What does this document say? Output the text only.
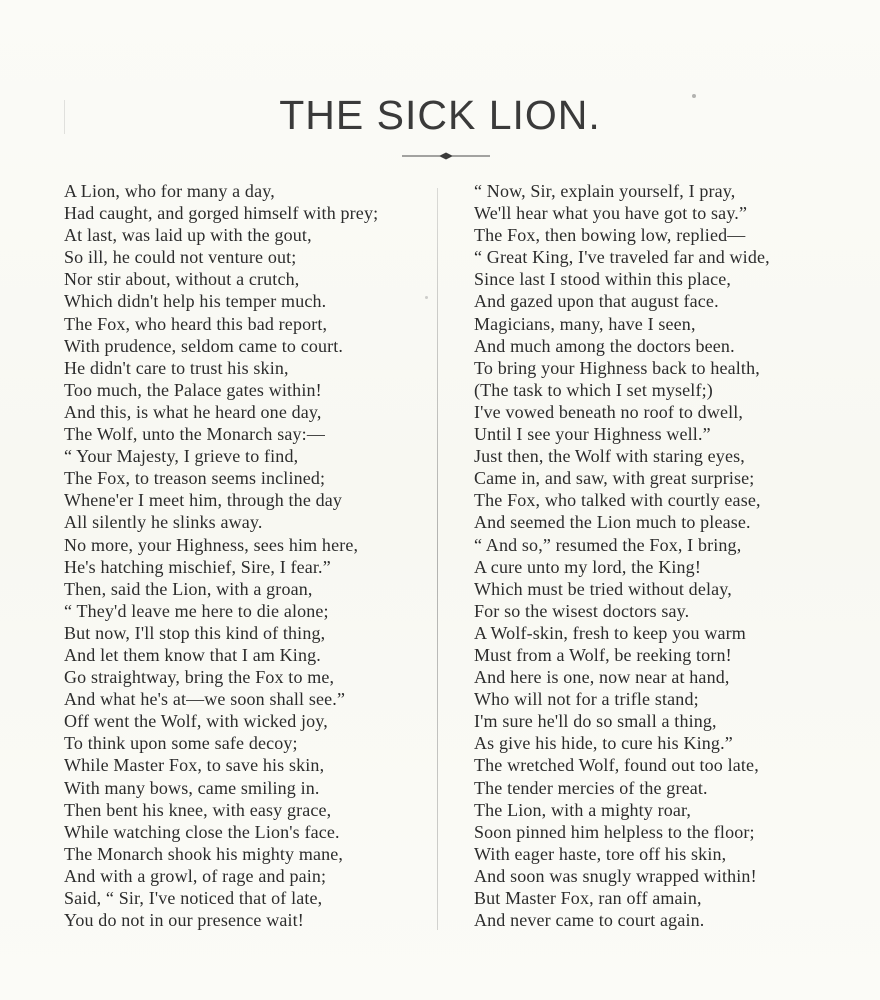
THE SICK LION.
A Lion, who for many a day,
Had caught, and gorged himself with prey;
At last, was laid up with the gout,
So ill, he could not venture out;
Nor stir about, without a crutch,
Which didn't help his temper much.
The Fox, who heard this bad report,
With prudence, seldom came to court.
He didn't care to trust his skin,
Too much, the Palace gates within!
And this, is what he heard one day,
The Wolf, unto the Monarch say:—
“ Your Majesty, I grieve to find,
The Fox, to treason seems inclined;
Whene'er I meet him, through the day
All silently he slinks away.
No more, your Highness, sees him here,
He's hatching mischief, Sire, I fear.”
Then, said the Lion, with a groan,
“ They'd leave me here to die alone;
But now, I'll stop this kind of thing,
And let them know that I am King.
Go straightway, bring the Fox to me,
And what he's at—we soon shall see.”
Off went the Wolf, with wicked joy,
To think upon some safe decoy;
While Master Fox, to save his skin,
With many bows, came smiling in.
Then bent his knee, with easy grace,
While watching close the Lion's face.
The Monarch shook his mighty mane,
And with a growl, of rage and pain;
Said, “ Sir, I've noticed that of late,
You do not in our presence wait!
“ Now, Sir, explain yourself, I pray,
We'll hear what you have got to say.”
The Fox, then bowing low, replied—
“ Great King, I've traveled far and wide,
Since last I stood within this place,
And gazed upon that august face.
Magicians, many, have I seen,
And much among the doctors been.
To bring your Highness back to health,
(The task to which I set myself;)
I've vowed beneath no roof to dwell,
Until I see your Highness well.”
Just then, the Wolf with staring eyes,
Came in, and saw, with great surprise;
The Fox, who talked with courtly ease,
And seemed the Lion much to please.
“ And so,” resumed the Fox, I bring,
A cure unto my lord, the King!
Which must be tried without delay,
For so the wisest doctors say.
A Wolf-skin, fresh to keep you warm
Must from a Wolf, be reeking torn!
And here is one, now near at hand,
Who will not for a trifle stand;
I'm sure he'll do so small a thing,
As give his hide, to cure his King.”
The wretched Wolf, found out too late,
The tender mercies of the great.
The Lion, with a mighty roar,
Soon pinned him helpless to the floor;
With eager haste, tore off his skin,
And soon was snugly wrapped within!
But Master Fox, ran off amain,
And never came to court again.
